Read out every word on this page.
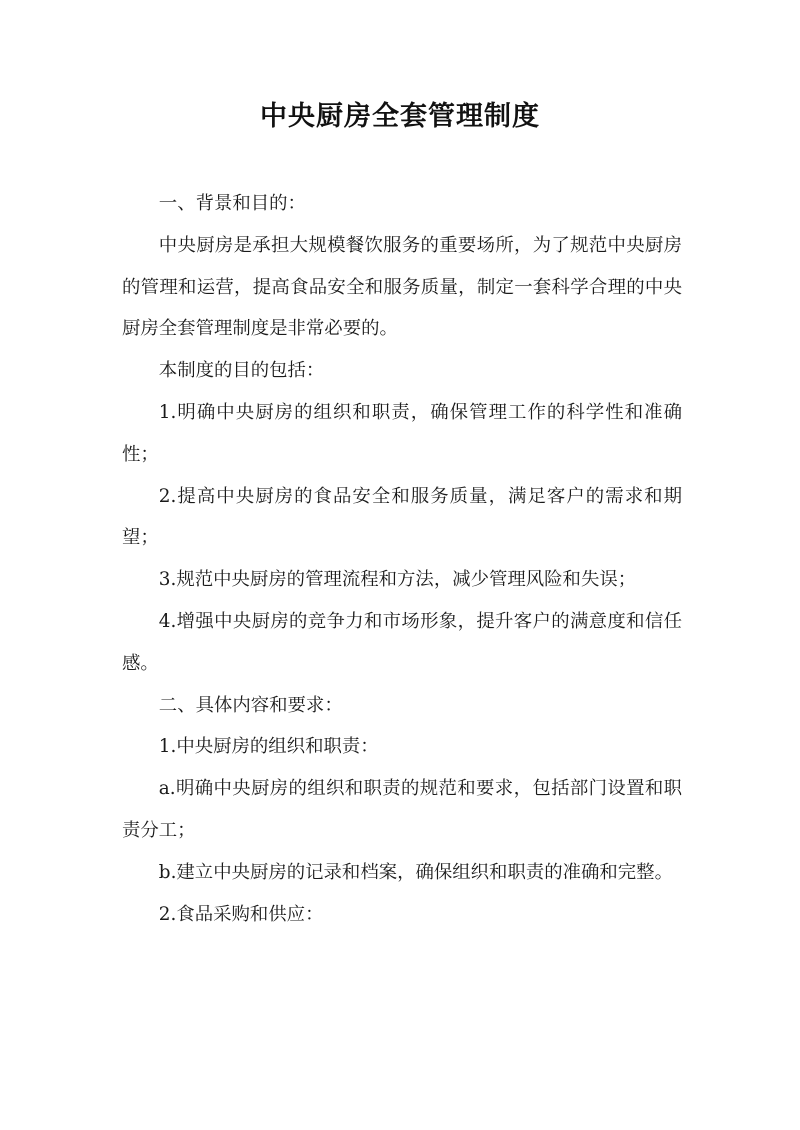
中央厨房全套管理制度

一、背景和目的：

中央厨房是承担大规模餐饮服务的重要场所，为了规范中央厨房的管理和运营，提高食品安全和服务质量，制定一套科学合理的中央厨房全套管理制度是非常必要的。

本制度的目的包括：

1.明确中央厨房的组织和职责，确保管理工作的科学性和准确性；

2.提高中央厨房的食品安全和服务质量，满足客户的需求和期望；

3.规范中央厨房的管理流程和方法，减少管理风险和失误；

4.增强中央厨房的竞争力和市场形象，提升客户的满意度和信任感。

二、具体内容和要求：

1.中央厨房的组织和职责：

a.明确中央厨房的组织和职责的规范和要求，包括部门设置和职责分工；

b.建立中央厨房的记录和档案，确保组织和职责的准确和完整。

2.食品采购和供应：
